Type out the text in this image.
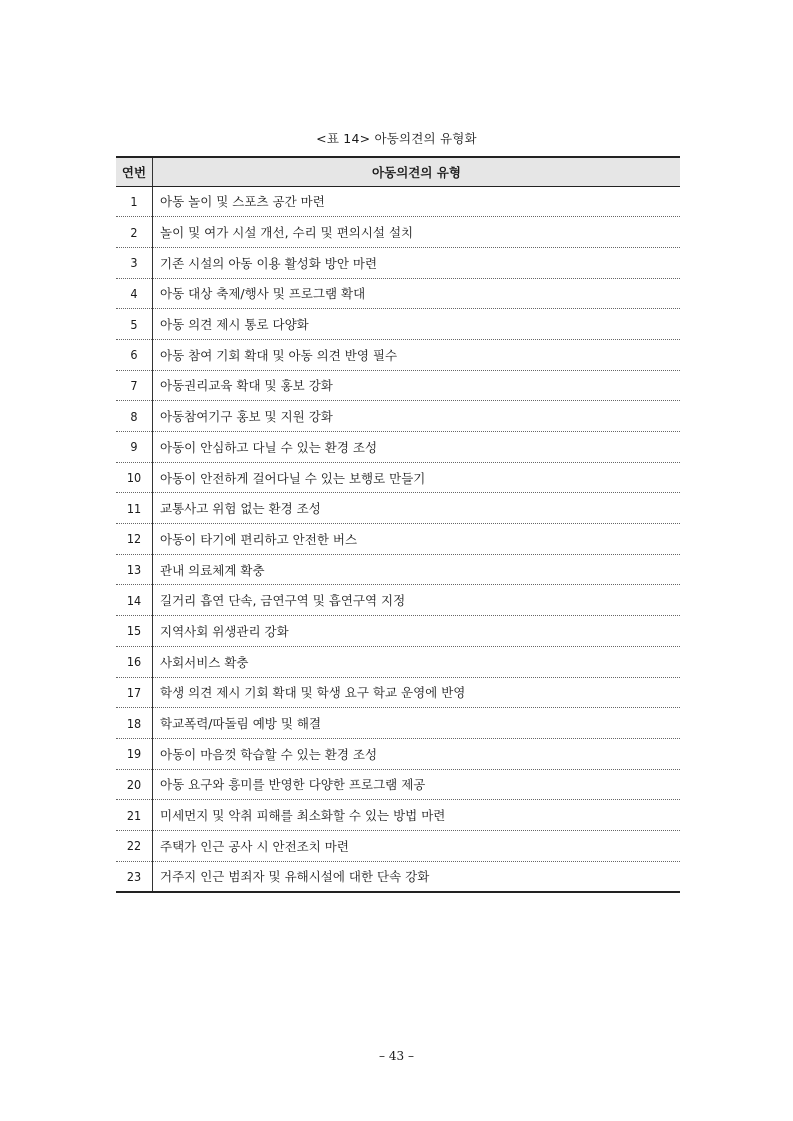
<표 14> 아동의견의 유형화
연번	아동의견의 유형
1	아동 놀이 및 스포츠 공간 마련
2	놀이 및 여가 시설 개선, 수리 및 편의시설 설치
3	기존 시설의 아동 이용 활성화 방안 마련
4	아동 대상 축제/행사 및 프로그램 확대
5	아동 의견 제시 통로 다양화
6	아동 참여 기회 확대 및 아동 의견 반영 필수
7	아동권리교육 확대 및 홍보 강화
8	아동참여기구 홍보 및 지원 강화
9	아동이 안심하고 다닐 수 있는 환경 조성
10	아동이 안전하게 걸어다닐 수 있는 보행로 만들기
11	교통사고 위험 없는 환경 조성
12	아동이 타기에 편리하고 안전한 버스
13	관내 의료체계 확충
14	길거리 흡연 단속, 금연구역 및 흡연구역 지정
15	지역사회 위생관리 강화
16	사회서비스 확충
17	학생 의견 제시 기회 확대 및 학생 요구 학교 운영에 반영
18	학교폭력/따돌림 예방 및 해결
19	아동이 마음껏 학습할 수 있는 환경 조성
20	아동 요구와 흥미를 반영한 다양한 프로그램 제공
21	미세먼지 및 악취 피해를 최소화할 수 있는 방법 마련
22	주택가 인근 공사 시 안전조치 마련
23	거주지 인근 범죄자 및 유해시설에 대한 단속 강화
– 43 –
